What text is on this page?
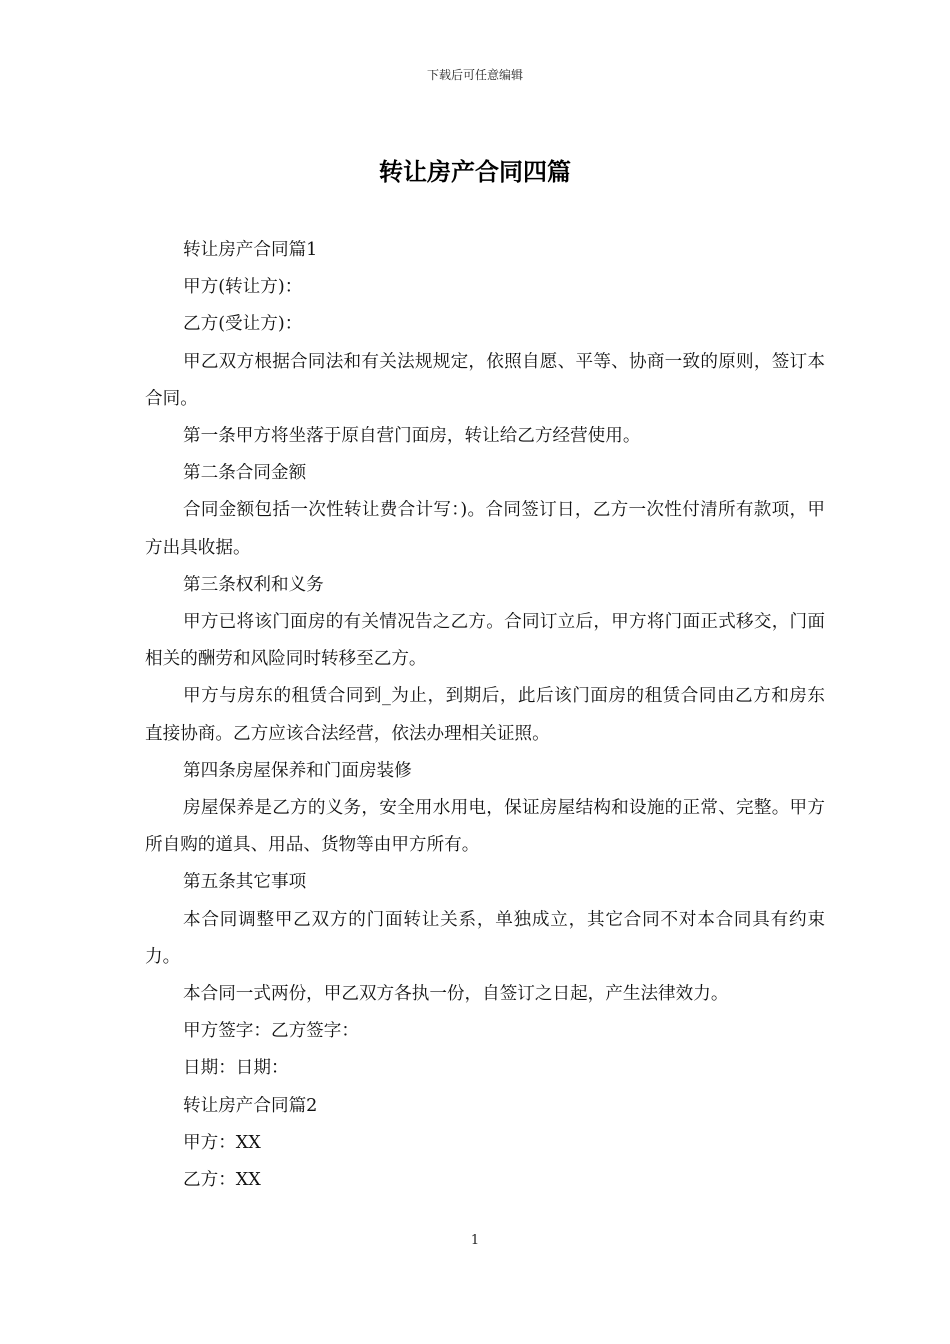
下载后可任意编辑
转让房产合同四篇

转让房产合同篇1

甲方(转让方)：

乙方(受让方)：

甲乙双方根据合同法和有关法规规定，依照自愿、平等、协商一致的原则，签订本合同。

第一条甲方将坐落于原自营门面房，转让给乙方经营使用。

第二条合同金额

合同金额包括一次性转让费合计写：)。合同签订日，乙方一次性付清所有款项，甲方出具收据。

第三条权利和义务

甲方已将该门面房的有关情况告之乙方。合同订立后，甲方将门面正式移交，门面相关的酬劳和风险同时转移至乙方。

甲方与房东的租赁合同到_为止，到期后，此后该门面房的租赁合同由乙方和房东直接协商。乙方应该合法经营，依法办理相关证照。

第四条房屋保养和门面房装修

房屋保养是乙方的义务，安全用水用电，保证房屋结构和设施的正常、完整。甲方所自购的道具、用品、货物等由甲方所有。

第五条其它事项

本合同调整甲乙双方的门面转让关系，单独成立，其它合同不对本合同具有约束力。

本合同一式两份，甲乙双方各执一份，自签订之日起，产生法律效力。

甲方签字：乙方签字：

日期：日期：

转让房产合同篇2

甲方：XX

乙方：XX

1
